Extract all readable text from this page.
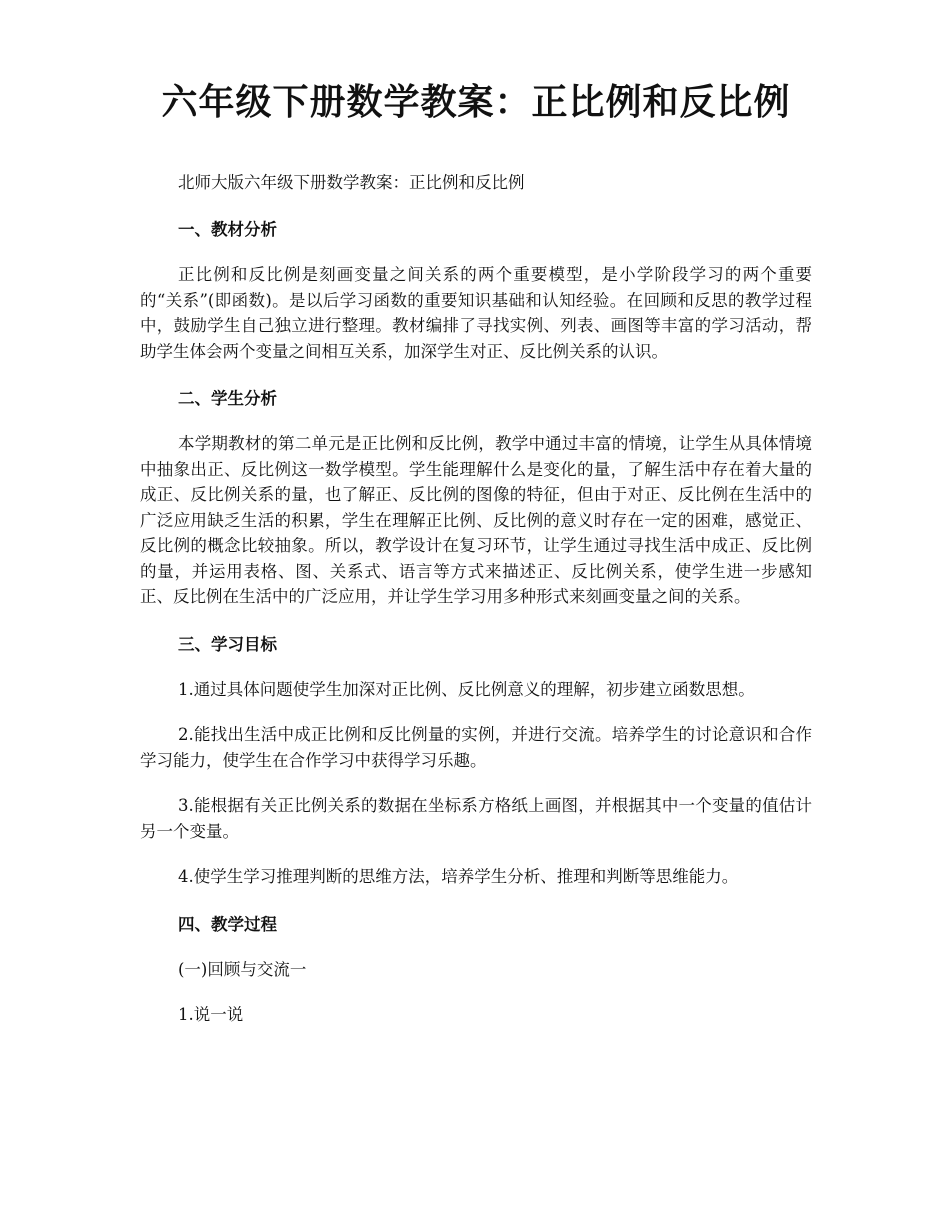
六年级下册数学教案：正比例和反比例

北师大版六年级下册数学教案：正比例和反比例

一、教材分析

正比例和反比例是刻画变量之间关系的两个重要模型，是小学阶段学习的两个重要的“关系”(即函数)。是以后学习函数的重要知识基础和认知经验。在回顾和反思的教学过程中，鼓励学生自己独立进行整理。教材编排了寻找实例、列表、画图等丰富的学习活动，帮助学生体会两个变量之间相互关系，加深学生对正、反比例关系的认识。

二、学生分析

本学期教材的第二单元是正比例和反比例，教学中通过丰富的情境，让学生从具体情境中抽象出正、反比例这一数学模型。学生能理解什么是变化的量，了解生活中存在着大量的成正、反比例关系的量，也了解正、反比例的图像的特征，但由于对正、反比例在生活中的广泛应用缺乏生活的积累，学生在理解正比例、反比例的意义时存在一定的困难，感觉正、反比例的概念比较抽象。所以，教学设计在复习环节，让学生通过寻找生活中成正、反比例的量，并运用表格、图、关系式、语言等方式来描述正、反比例关系，使学生进一步感知正、反比例在生活中的广泛应用，并让学生学习用多种形式来刻画变量之间的关系。

三、学习目标

1.通过具体问题使学生加深对正比例、反比例意义的理解，初步建立函数思想。

2.能找出生活中成正比例和反比例量的实例，并进行交流。培养学生的讨论意识和合作学习能力，使学生在合作学习中获得学习乐趣。

3.能根据有关正比例关系的数据在坐标系方格纸上画图，并根据其中一个变量的值估计另一个变量。

4.使学生学习推理判断的思维方法，培养学生分析、推理和判断等思维能力。

四、教学过程

(一)回顾与交流一

1.说一说
